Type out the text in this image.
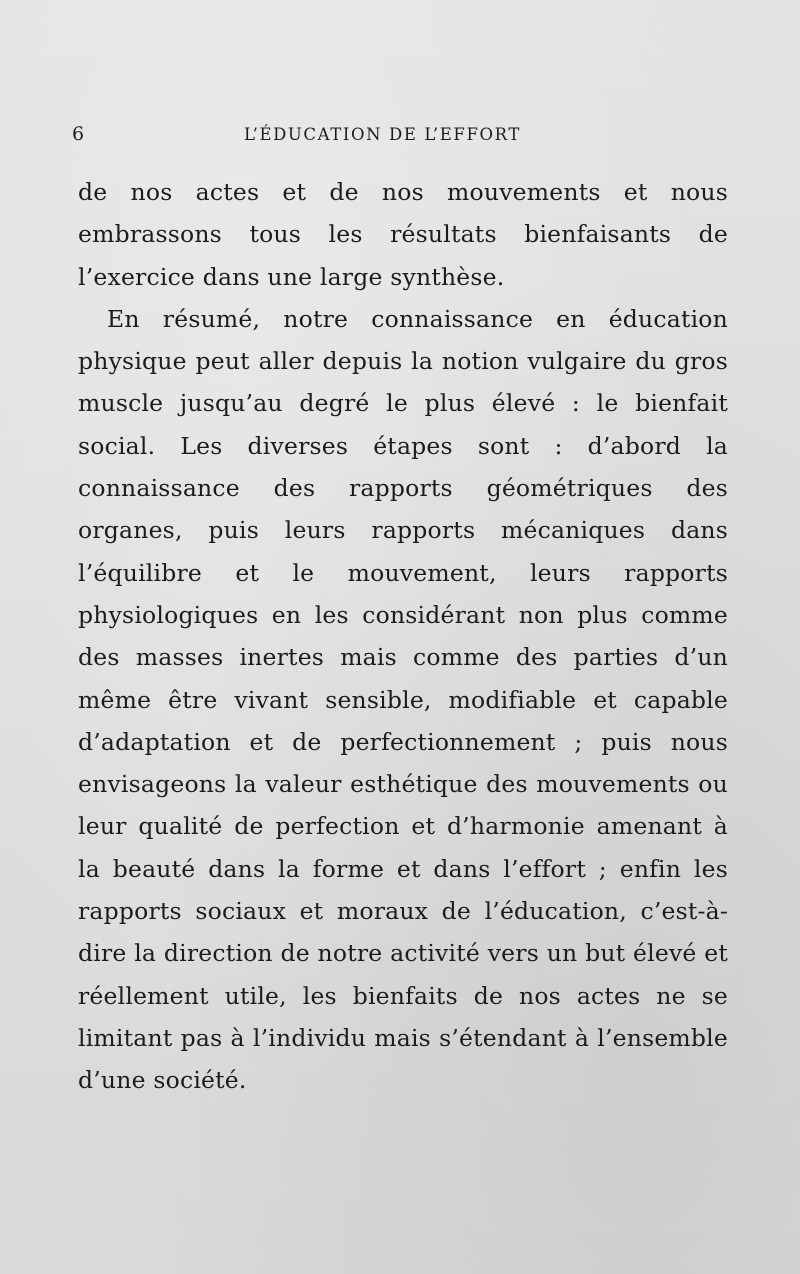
6	L’ÉDUCATION DE L’EFFORT

de nos actes et de nos mouvements et nous embrassons tous les résultats bienfaisants de l’exercice dans une large synthèse.

En résumé, notre connaissance en éducation physique peut aller depuis la notion vulgaire du gros muscle jusqu’au degré le plus élevé : le bienfait social. Les diverses étapes sont : d’abord la connaissance des rapports géométriques des organes, puis leurs rapports mécaniques dans l’équilibre et le mouvement, leurs rapports physiologiques en les considérant non plus comme des masses inertes mais comme des parties d’un même être vivant sensible, modifiable et capable d’adaptation et de perfectionnement ; puis nous envisageons la valeur esthétique des mouvements ou leur qualité de perfection et d’harmonie amenant à la beauté dans la forme et dans l’effort ; enfin les rapports sociaux et moraux de l’éducation, c’est-à-dire la direction de notre activité vers un but élevé et réellement utile, les bienfaits de nos actes ne se limitant pas à l’individu mais s’étendant à l’ensemble d’une société.
